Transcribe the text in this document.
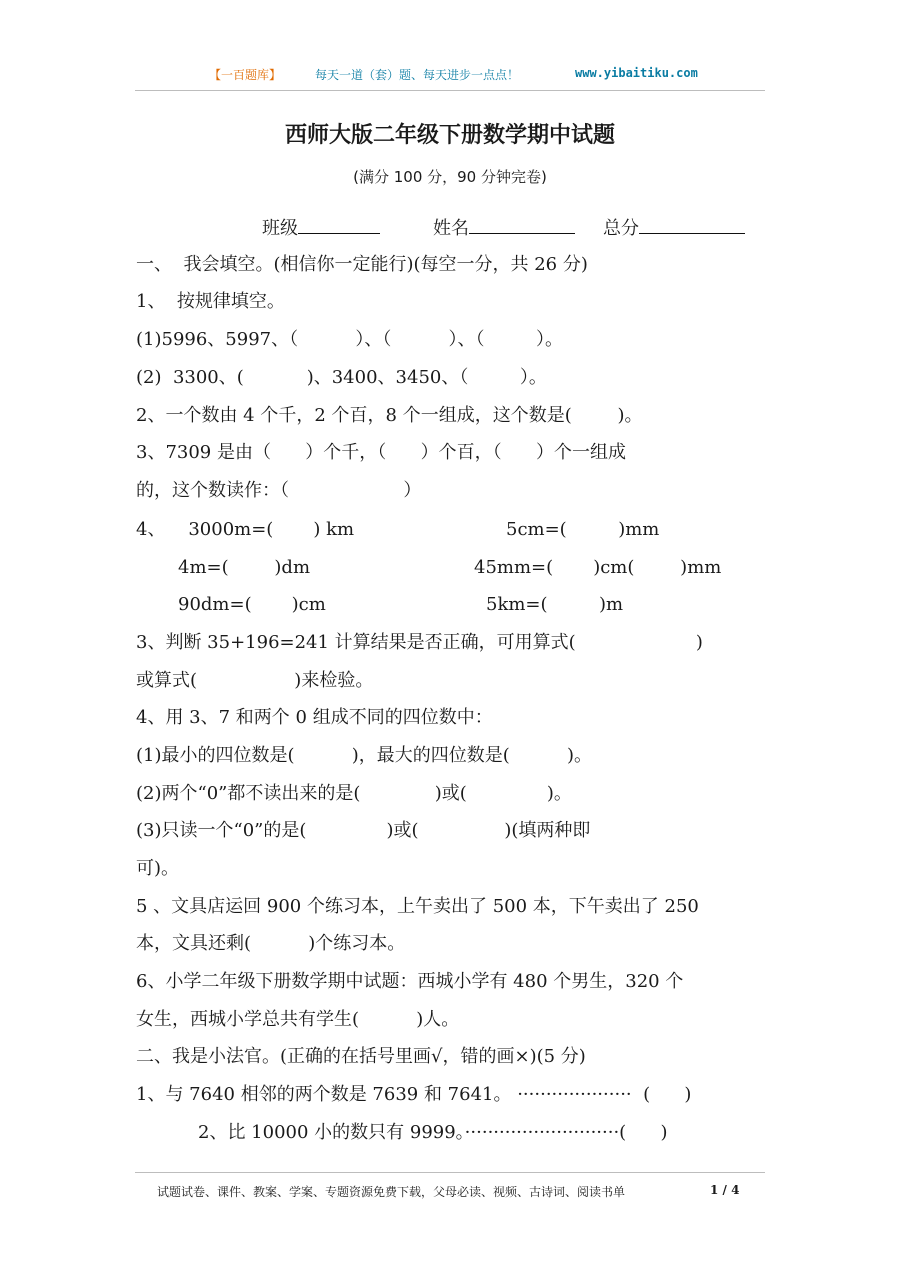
【一百题库】	每天一道（套）题、每天进步一点点！	www.yibaitiku.com
西师大版二年级下册数学期中试题
(满分 100 分，90 分钟完卷)
班级	姓名	总分
一、  我会填空。(相信你一定能行)(每空一分，共 26 分)
1、  按规律填空。
(1)5996、5997、（          ）、（          ）、（         ）。
(2)  3300、(           )、3400、3450、（         ）。
2、一个数由 4 个千，2 个百，8 个一组成，这个数是(        )。
3、7309 是由（      ）个千，（      ）个百，（      ）个一组成
的，这个数读作：（                    ）
4、    3000m=(       ) km	5cm=(         )mm
4m=(        )dm	45mm=(       )cm(        )mm
90dm=(       )cm	5km=(         )m
3、判断 35+196=241 计算结果是否正确，可用算式(                     )
或算式(                 )来检验。
4、用 3、7 和两个 0 组成不同的四位数中：
(1)最小的四位数是(          )，最大的四位数是(          )。
(2)两个“0”都不读出来的是(             )或(              )。
(3)只读一个“0”的是(              )或(               )(填两种即
可)。
5 、文具店运回 900 个练习本，上午卖出了 500 本，下午卖出了 250
本，文具还剩(          )个练习本。
6、小学二年级下册数学期中试题：西城小学有 480 个男生，320 个
女生，西城小学总共有学生(          )人。
二、我是小法官。(正确的在括号里画√，错的画×)(5 分)
1、与 7640 相邻的两个数是 7639 和 7641。 ····················  (      )
2、比 10000 小的数只有 9999。···························(      )
试题试卷、课件、教案、学案、专题资源免费下载，父母必读、视频、古诗词、阅读书单	1 / 4
